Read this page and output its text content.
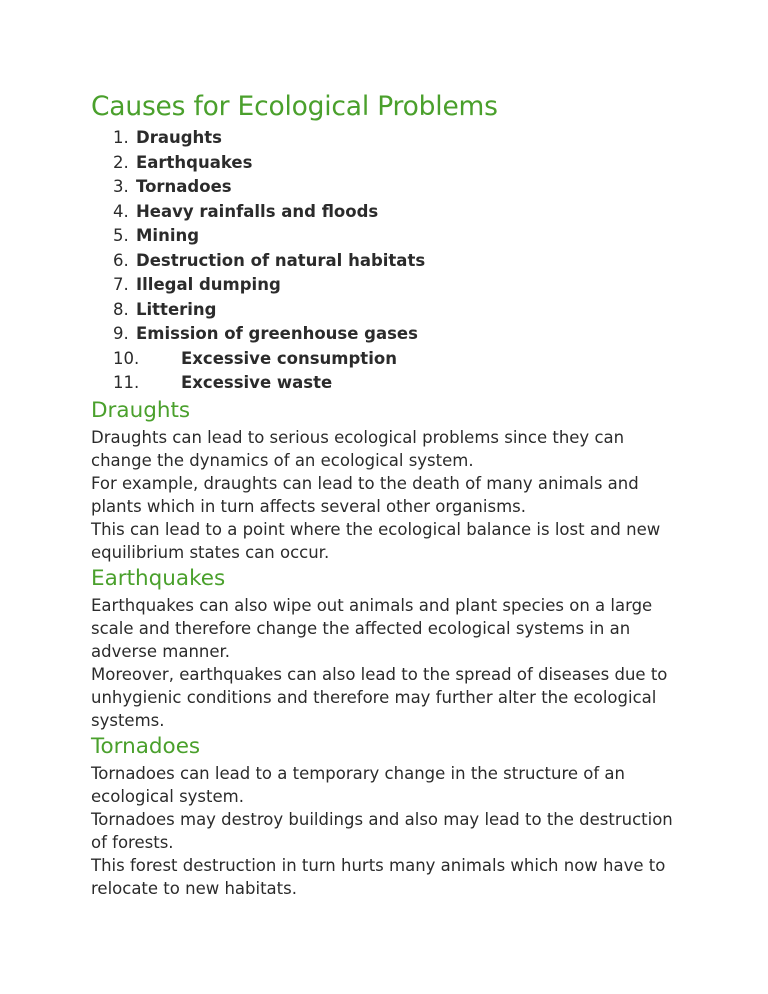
Causes for Ecological Problems
1. Draughts
2. Earthquakes
3. Tornadoes
4. Heavy rainfalls and floods
5. Mining
6. Destruction of natural habitats
7. Illegal dumping
8. Littering
9. Emission of greenhouse gases
10.	Excessive consumption
11.	Excessive waste
Draughts

Draughts can lead to serious ecological problems since they can change the dynamics of an ecological system.

For example, draughts can lead to the death of many animals and plants which in turn affects several other organisms.

This can lead to a point where the ecological balance is lost and new equilibrium states can occur.

Earthquakes

Earthquakes can also wipe out animals and plant species on a large scale and therefore change the affected ecological systems in an adverse manner.

Moreover, earthquakes can also lead to the spread of diseases due to unhygienic conditions and therefore may further alter the ecological systems.

Tornadoes

Tornadoes can lead to a temporary change in the structure of an ecological system.

Tornadoes may destroy buildings and also may lead to the destruction of forests.

This forest destruction in turn hurts many animals which now have to relocate to new habitats.
